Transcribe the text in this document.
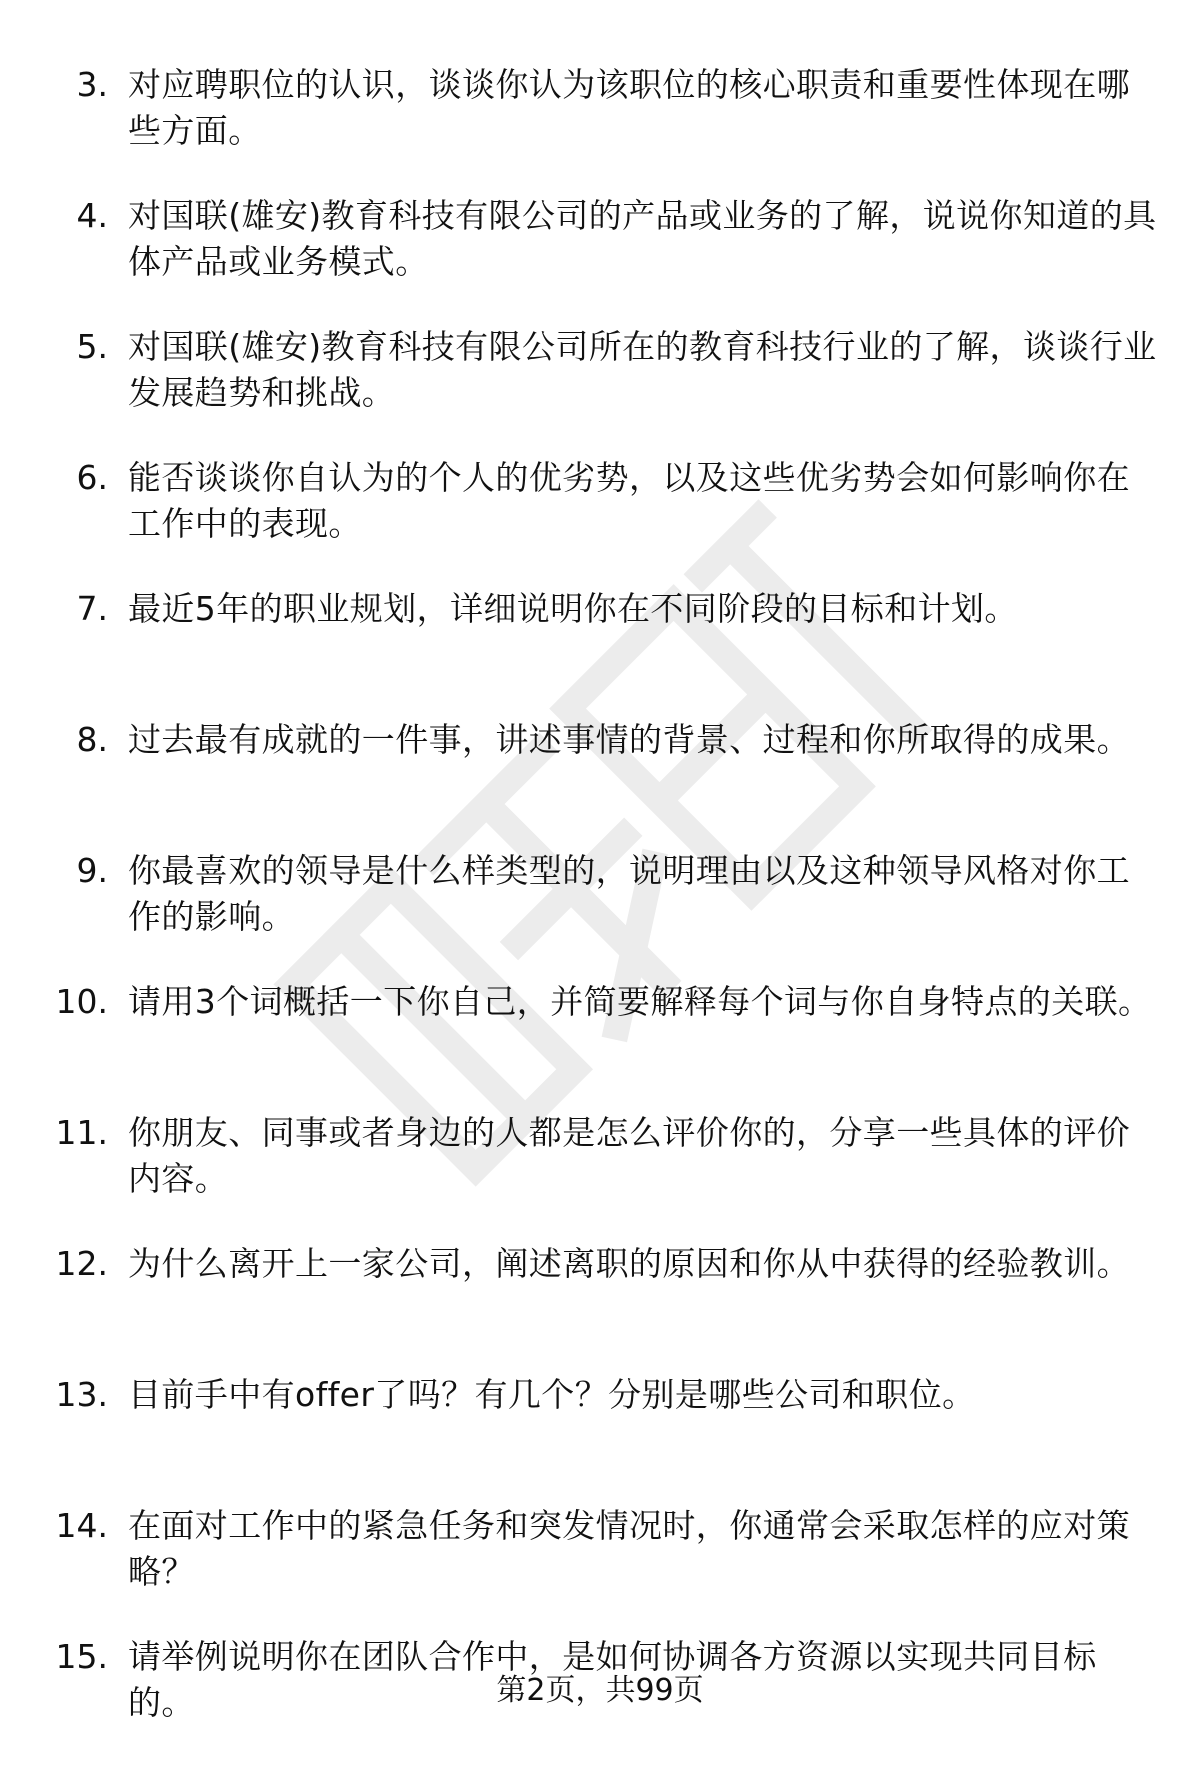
3. 对应聘职位的认识，谈谈你认为该职位的核心职责和重要性体现在哪些方面。
4. 对国联(雄安)教育科技有限公司的产品或业务的了解，说说你知道的具体产品或业务模式。
5. 对国联(雄安)教育科技有限公司所在的教育科技行业的了解，谈谈行业发展趋势和挑战。
6. 能否谈谈你自认为的个人的优劣势，以及这些优劣势会如何影响你在工作中的表现。
7. 最近5年的职业规划，详细说明你在不同阶段的目标和计划。
8. 过去最有成就的一件事，讲述事情的背景、过程和你所取得的成果。
9. 你最喜欢的领导是什么样类型的，说明理由以及这种领导风格对你工作的影响。
10. 请用3个词概括一下你自己，并简要解释每个词与你自身特点的关联。
11. 你朋友、同事或者身边的人都是怎么评价你的，分享一些具体的评价内容。
12. 为什么离开上一家公司，阐述离职的原因和你从中获得的经验教训。
13. 目前手中有offer了吗？有几个？分别是哪些公司和职位。
14. 在面对工作中的紧急任务和突发情况时，你通常会采取怎样的应对策略？
15. 请举例说明你在团队合作中，是如何协调各方资源以实现共同目标的。	第2页，共99页
